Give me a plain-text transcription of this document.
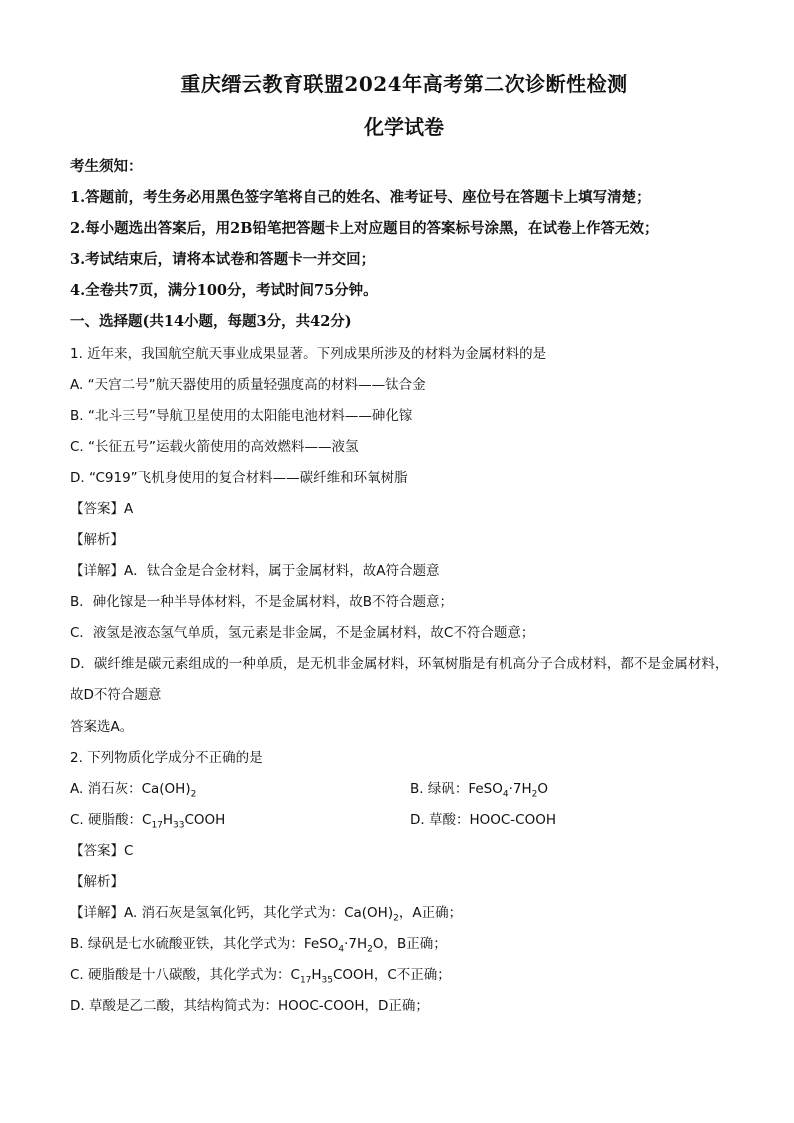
重庆缙云教育联盟2024年高考第二次诊断性检测
化学试卷
考生须知：
1.答题前，考生务必用黑色签字笔将自己的姓名、准考证号、座位号在答题卡上填写清楚；
2.每小题选出答案后，用2B铅笔把答题卡上对应题目的答案标号涂黑，在试卷上作答无效；
3.考试结束后，请将本试卷和答题卡一并交回；
4.全卷共7页，满分100分，考试时间75分钟。
一、选择题(共14小题，每题3分，共42分)
1. 近年来，我国航空航天事业成果显著。下列成果所涉及的材料为金属材料的是
A. “天宫二号”航天器使用的质量轻强度高的材料——钛合金
B. “北斗三号”导航卫星使用的太阳能电池材料——砷化镓
C. “长征五号”运载火箭使用的高效燃料——液氢
D. “C919”飞机身使用的复合材料——碳纤维和环氧树脂
【答案】A
【解析】
【详解】A．钛合金是合金材料，属于金属材料，故A符合题意
B．砷化镓是一种半导体材料，不是金属材料，故B不符合题意；
C．液氢是液态氢气单质，氢元素是非金属，不是金属材料，故C不符合题意；
D．碳纤维是碳元素组成的一种单质，是无机非金属材料，环氧树脂是有机高分子合成材料，都不是金属材料，故D不符合题意
答案选A。
2. 下列物质化学成分不正确的是
A. 消石灰：$Ca(OH)_2$	B. 绿矾：$FeSO_4\cdot 7H_2O$
C. 硬脂酸：$C_{17}H_{33}COOH$	D. 草酸：HOOC-COOH
【答案】C
【解析】
【详解】A. 消石灰是氢氧化钙，其化学式为：$Ca(OH)_2$，A正确；
B. 绿矾是七水硫酸亚铁，其化学式为：$FeSO_4\cdot 7H_2O$，B正确；
C. 硬脂酸是十八碳酸，其化学式为：$C_{17}H_{35}COOH$，C不正确；
D. 草酸是乙二酸，其结构简式为：HOOC-COOH，D正确；
